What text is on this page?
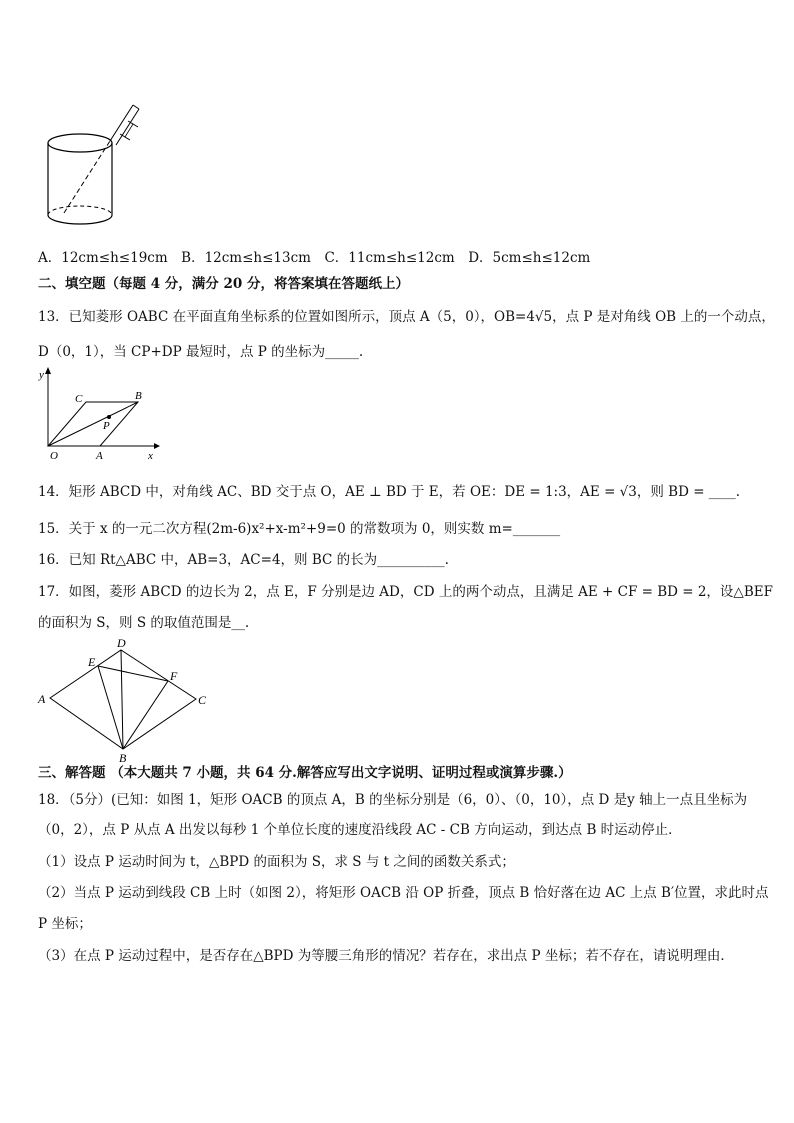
A．12cm≤h≤19cm　B．12cm≤h≤13cm　C．11cm≤h≤12cm　D．5cm≤h≤12cm
二、填空题（每题 4 分，满分 20 分，将答案填在答题纸上）
13．已知菱形 OABC 在平面直角坐标系的位置如图所示，顶点 A（5，0），OB=4√5，点 P 是对角线 OB 上的一个动点，
D（0，1），当 CP+DP 最短时，点 P 的坐标为_____.
y
x
O	A
B
C
P
14．矩形 ABCD 中，对角线 AC、BD 交于点 O，AE ⊥ BD 于 E，若 OE：DE = 1:3，AE = √3，则 BD = ____.
15．关于 x 的一元二次方程(2m-6)x²+x-m²+9=0 的常数项为 0，则实数 m=_______
16．已知 Rt△ABC 中，AB=3，AC=4，则 BC 的长为__________.
17．如图，菱形 ABCD 的边长为 2，点 E，F 分别是边 AD，CD 上的两个动点，且满足 AE + CF = BD = 2，设△BEF
的面积为 S，则 S 的取值范围是__.
A
D
E
F
C
B
三、解答题 （本大题共 7 小题，共 64 分.解答应写出文字说明、证明过程或演算步骤.）
18．（5分）(已知：如图 1，矩形 OACB 的顶点 A，B 的坐标分别是（6，0）、（0，10），点 D 是y 轴上一点且坐标为
（0，2），点 P 从点 A 出发以每秒 1 个单位长度的速度沿线段 AC - CB 方向运动，到达点 B 时运动停止．
（1）设点 P 运动时间为 t，△BPD 的面积为 S，求 S 与 t 之间的函数关系式；
（2）当点 P 运动到线段 CB 上时（如图 2），将矩形 OACB 沿 OP 折叠，顶点 B 恰好落在边 AC 上点 B′位置，求此时点
P 坐标；
（3）在点 P 运动过程中，是否存在△BPD 为等腰三角形的情况？若存在，求出点 P 坐标；若不存在，请说明理由．
